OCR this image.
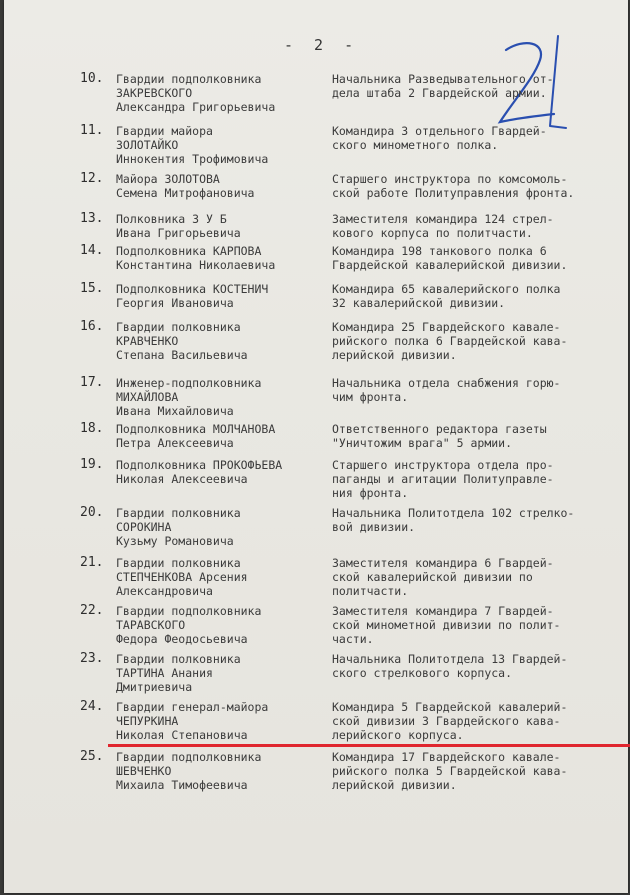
- 2 -
10. Гвардии подполковника
ЗАКРЕВСКОГО
Александра Григорьевича
Начальника Разведывательного от-
дела штаба 2 Гвардейской армии.
11. Гвардии майора
ЗОЛОТАЙКО
Иннокентия Трофимовича
Командира 3 отдельного Гвардей-
ского минометного полка.
12. Майора ЗОЛОТОВА
Семена Митрофановича
Старшего инструктора по комсомоль-
ской работе Политуправления фронта.
13. Полковника З У Б
Ивана Григорьевича
Заместителя командира 124 стрел-
кового корпуса по политчасти.
14. Подполковника КАРПОВА
Константина Николаевича
Командира 198 танкового полка 6
Гвардейской кавалерийской дивизии.
15. Подполковника КОСТЕНИЧ
Георгия Ивановича
Командира 65 кавалерийского полка
32 кавалерийской дивизии.
16. Гвардии полковника
КРАВЧЕНКО
Степана Васильевича
Командира 25 Гвардейского кавале-
рийского полка 6 Гвардейской кава-
лерийской дивизии.
17. Инженер-подполковника
МИХАЙЛОВА
Ивана Михайловича
Начальника отдела снабжения горю-
чим фронта.
18. Подполковника МОЛЧАНОВА
Петра Алексеевича
Ответственного редактора газеты
"Уничтожим врага" 5 армии.
19. Подполковника ПРОКОФЬЕВА
Николая Алексеевича
Старшего инструктора отдела про-
паганды и агитации Политуправле-
ния фронта.
20. Гвардии полковника
СОРОКИНА
Кузьму Романовича
Начальника Политотдела 102 стрелко-
вой дивизии.
21. Гвардии полковника
СТЕПЧЕНКОВА Арсения
Александровича
Заместителя командира 6 Гвардей-
ской кавалерийской дивизии по
политчасти.
22. Гвардии подполковника
ТАРАВСКОГО
Федора Феодосьевича
Заместителя командира 7 Гвардей-
ской минометной дивизии по полит-
части.
23. Гвардии полковника
ТАРТИНА Анания
Дмитриевича
Начальника Политотдела 13 Гвардей-
ского стрелкового корпуса.
24. Гвардии генерал-майора
ЧЕПУРКИНА
Николая Степановича
Командира 5 Гвардейской кавалерий-
ской дивизии 3 Гвардейского кава-
лерийского корпуса.
25. Гвардии подполковника
ШЕВЧЕНКО
Михаила Тимофеевича
Командира 17 Гвардейского кавале-
рийского полка 5 Гвардейской кава-
лерийской дивизии.
